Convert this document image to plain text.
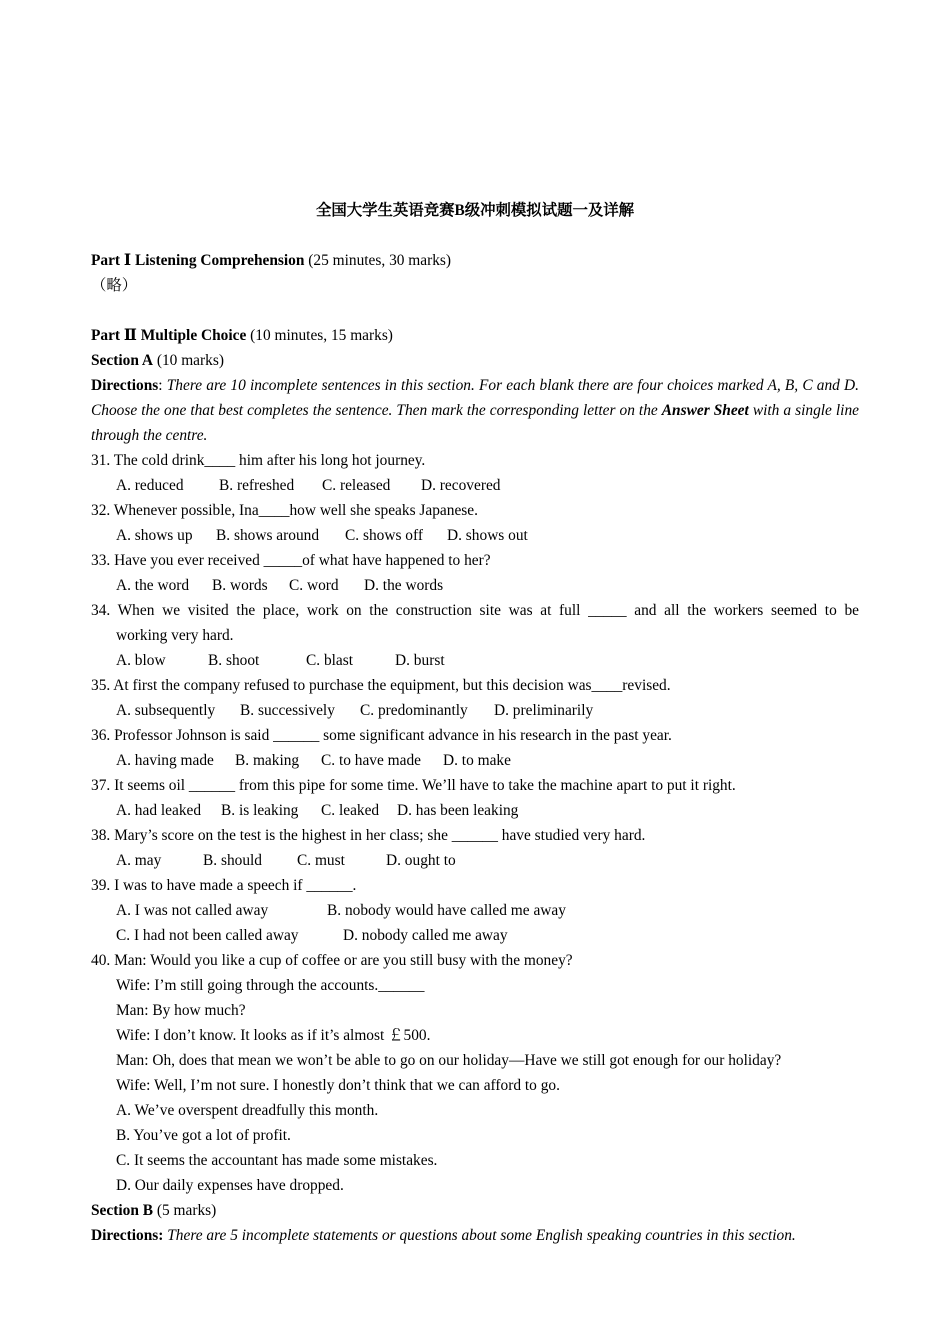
全国大学生英语竞赛B级冲刺模拟试题一及详解
Part Ⅰ Listening Comprehension (25 minutes, 30 marks)
（略）
Part Ⅱ Multiple Choice (10 minutes, 15 marks)
Section A (10 marks)
Directions: There are 10 incomplete sentences in this section. For each blank there are four choices marked A, B, C and D. Choose the one that best completes the sentence. Then mark the corresponding letter on the Answer Sheet with a single line through the centre.
31. The cold drink____ him after his long hot journey.
A. reduced B. refreshed C. released D. recovered
32. Whenever possible, Ina____how well she speaks Japanese.
A. shows up B. shows around C. shows off D. shows out
33. Have you ever received _____of what have happened to her?
A. the word B. words C. word D. the words
34. When we visited the place, work on the construction site was at full _____ and all the workers seemed to be
working very hard.
A. blow	B. shoot	C. blast	D. burst
35. At first the company refused to purchase the equipment, but this decision was____revised.
A. subsequently B. successively C. predominantly D. preliminarily
36. Professor Johnson is said ______ some significant advance in his research in the past year.
A. having made B. making C. to have made D. to make
37. It seems oil ______ from this pipe for some time. We’ll have to take the machine apart to put it right.
A. had leaked B. is leaking C. leaked D. has been leaking
38. Mary’s score on the test is the highest in her class; she ______ have studied very hard.
A. may	B. should C. must	D. ought to
39. I was to have made a speech if ______.
A. I was not called away	B. nobody would have called me away
C. I had not been called away	D. nobody called me away
40. Man: Would you like a cup of coffee or are you still busy with the money?
Wife: I’m still going through the accounts.______
Man: By how much?
Wife: I don’t know. It looks as if it’s almost ￡500.
Man: Oh, does that mean we won’t be able to go on our holiday—Have we still got enough for our holiday?
Wife: Well, I’m not sure. I honestly don’t think that we can afford to go.
A. We’ve overspent dreadfully this month.
B. You’ve got a lot of profit.
C. It seems the accountant has made some mistakes.
D. Our daily expenses have dropped.
Section B (5 marks)
Directions: There are 5 incomplete statements or questions about some English speaking countries in this section.
